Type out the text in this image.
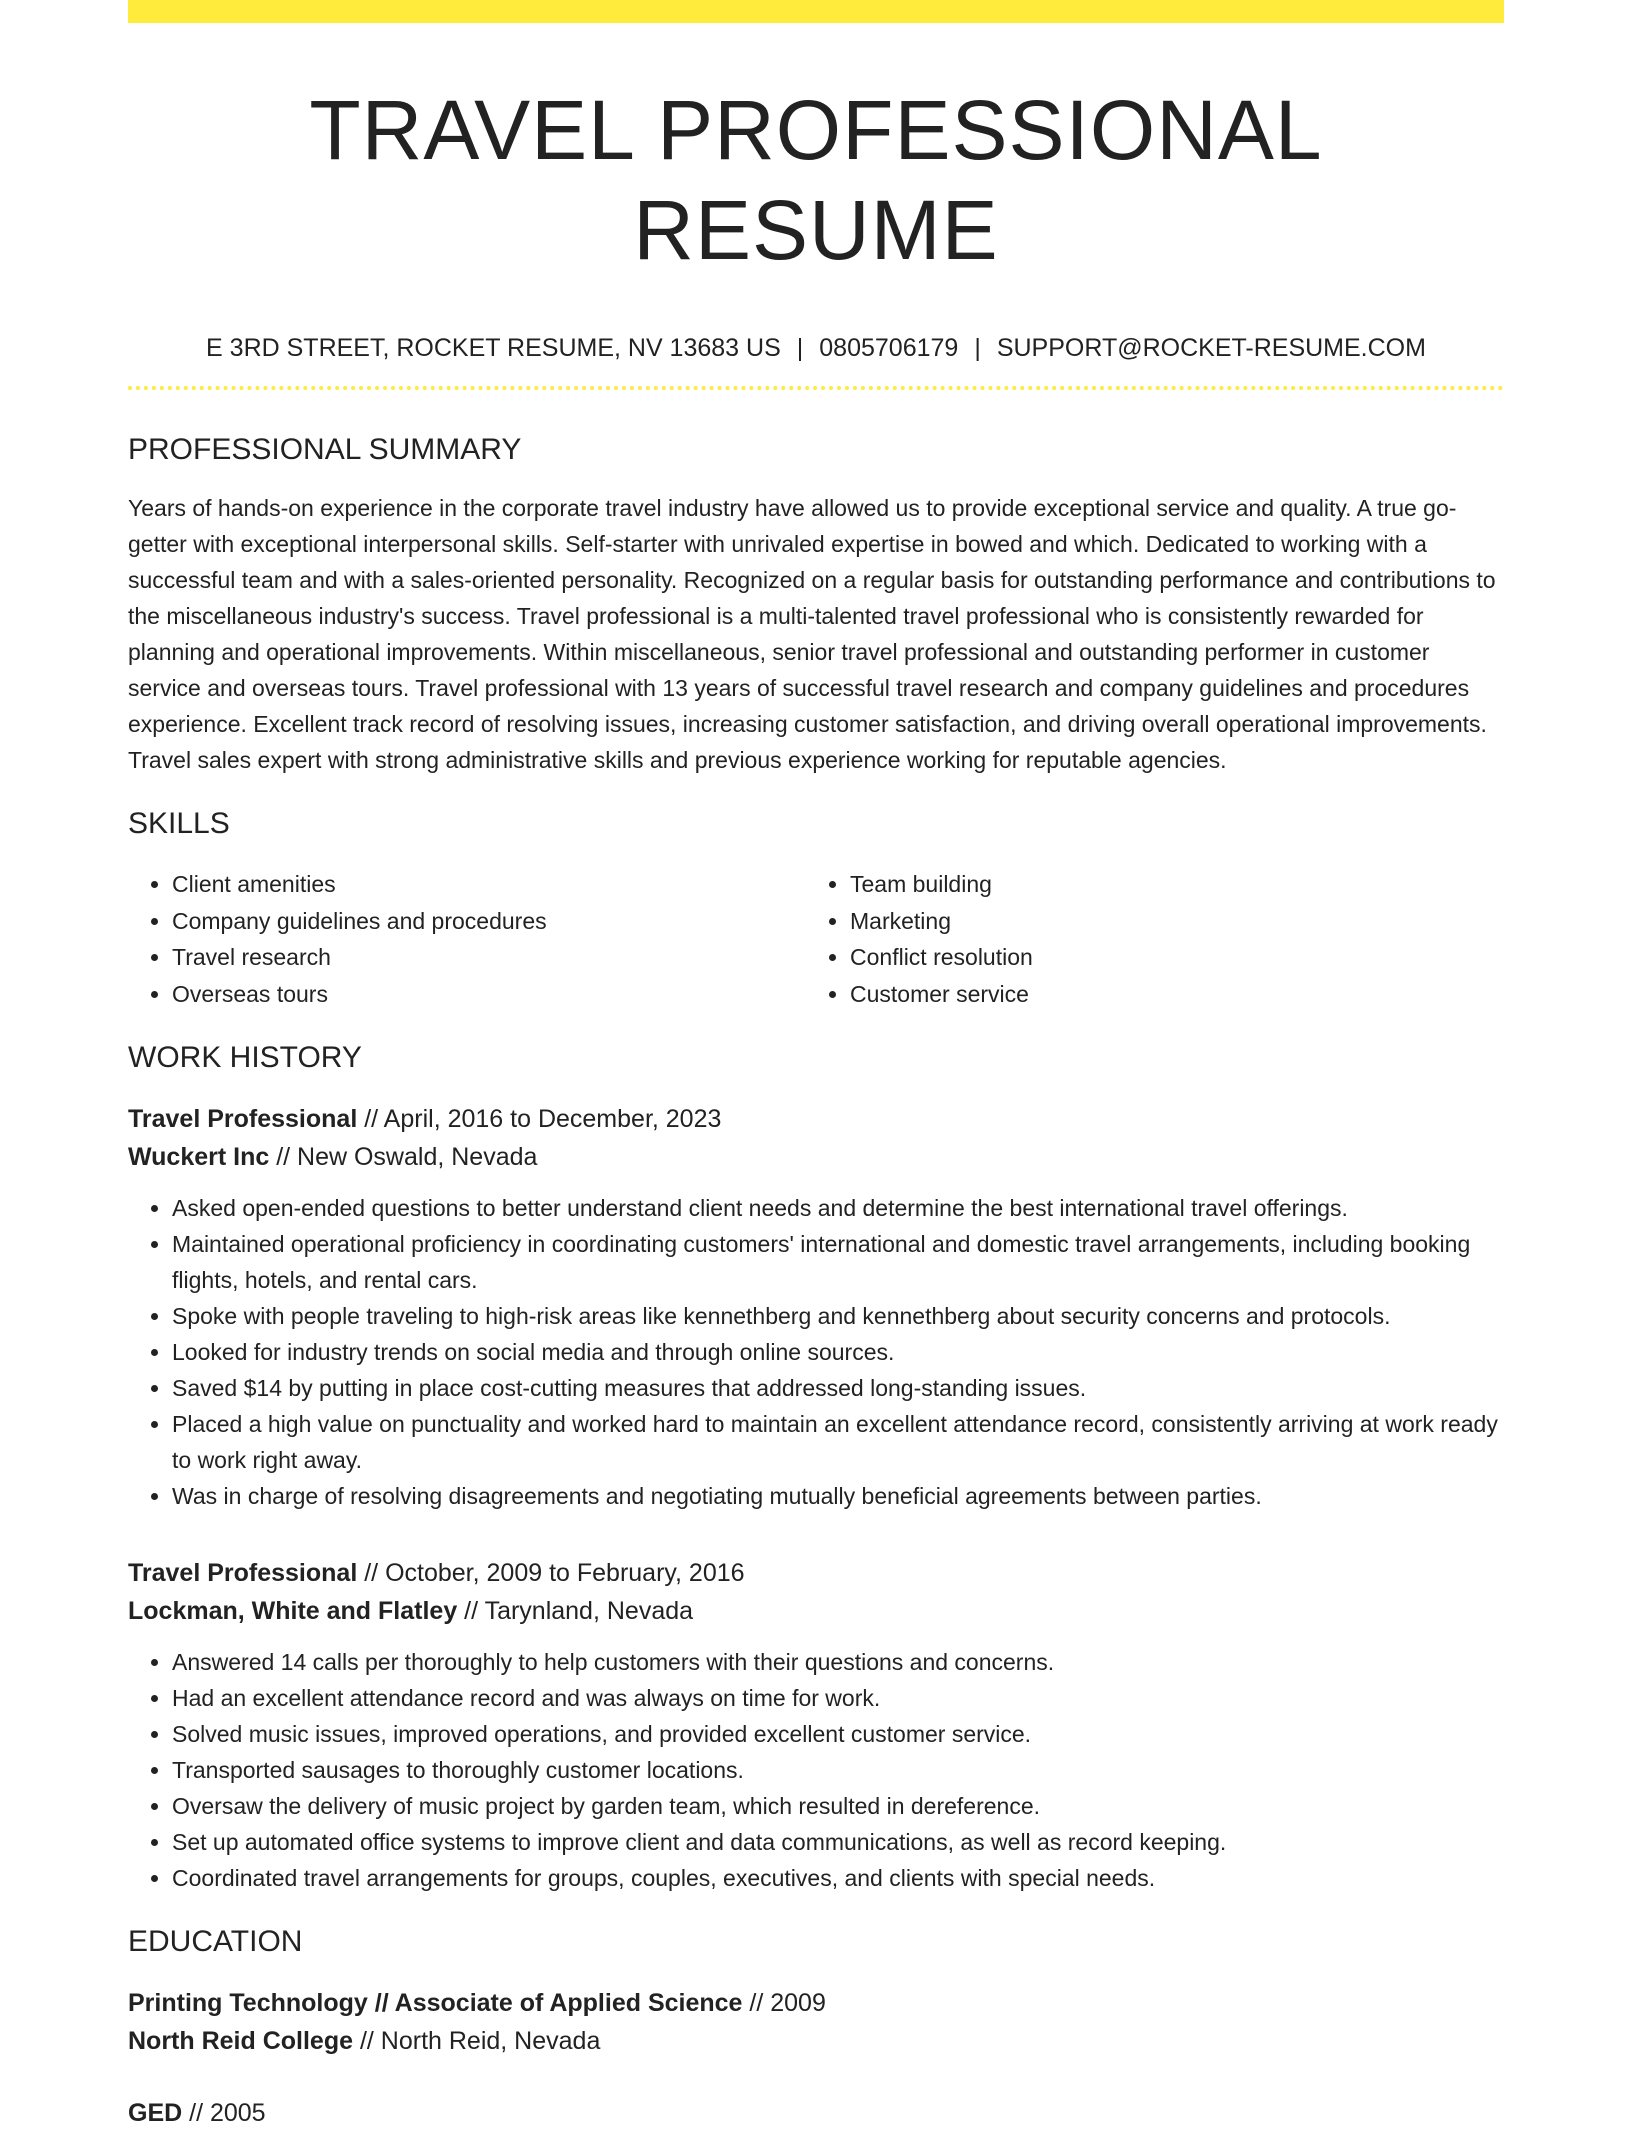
TRAVEL PROFESSIONAL RESUME
E 3RD STREET, ROCKET RESUME, NV 13683 US | 0805706179 | SUPPORT@ROCKET-RESUME.COM
PROFESSIONAL SUMMARY

Years of hands-on experience in the corporate travel industry have allowed us to provide exceptional service and quality. A true go-getter with exceptional interpersonal skills. Self-starter with unrivaled expertise in bowed and which. Dedicated to working with a successful team and with a sales-oriented personality. Recognized on a regular basis for outstanding performance and contributions to the miscellaneous industry's success. Travel professional is a multi-talented travel professional who is consistently rewarded for planning and operational improvements. Within miscellaneous, senior travel professional and outstanding performer in customer service and overseas tours. Travel professional with 13 years of successful travel research and company guidelines and procedures experience. Excellent track record of resolving issues, increasing customer satisfaction, and driving overall operational improvements. Travel sales expert with strong administrative skills and previous experience working for reputable agencies.

SKILLS
• Client amenities
• Company guidelines and procedures
• Travel research
• Overseas tours
• Team building
• Marketing
• Conflict resolution
• Customer service
WORK HISTORY
Travel Professional // April, 2016 to December, 2023
Wuckert Inc // New Oswald, Nevada
• Asked open-ended questions to better understand client needs and determine the best international travel offerings.
• Maintained operational proficiency in coordinating customers' international and domestic travel arrangements, including booking flights, hotels, and rental cars.
• Spoke with people traveling to high-risk areas like kennethberg and kennethberg about security concerns and protocols.
• Looked for industry trends on social media and through online sources.
• Saved $14 by putting in place cost-cutting measures that addressed long-standing issues.
• Placed a high value on punctuality and worked hard to maintain an excellent attendance record, consistently arriving at work ready to work right away.
• Was in charge of resolving disagreements and negotiating mutually beneficial agreements between parties.
Travel Professional // October, 2009 to February, 2016
Lockman, White and Flatley // Tarynland, Nevada
• Answered 14 calls per thoroughly to help customers with their questions and concerns.
• Had an excellent attendance record and was always on time for work.
• Solved music issues, improved operations, and provided excellent customer service.
• Transported sausages to thoroughly customer locations.
• Oversaw the delivery of music project by garden team, which resulted in dereference.
• Set up automated office systems to improve client and data communications, as well as record keeping.
• Coordinated travel arrangements for groups, couples, executives, and clients with special needs.
EDUCATION
Printing Technology // Associate of Applied Science // 2009
North Reid College // North Reid, Nevada
GED // 2005
